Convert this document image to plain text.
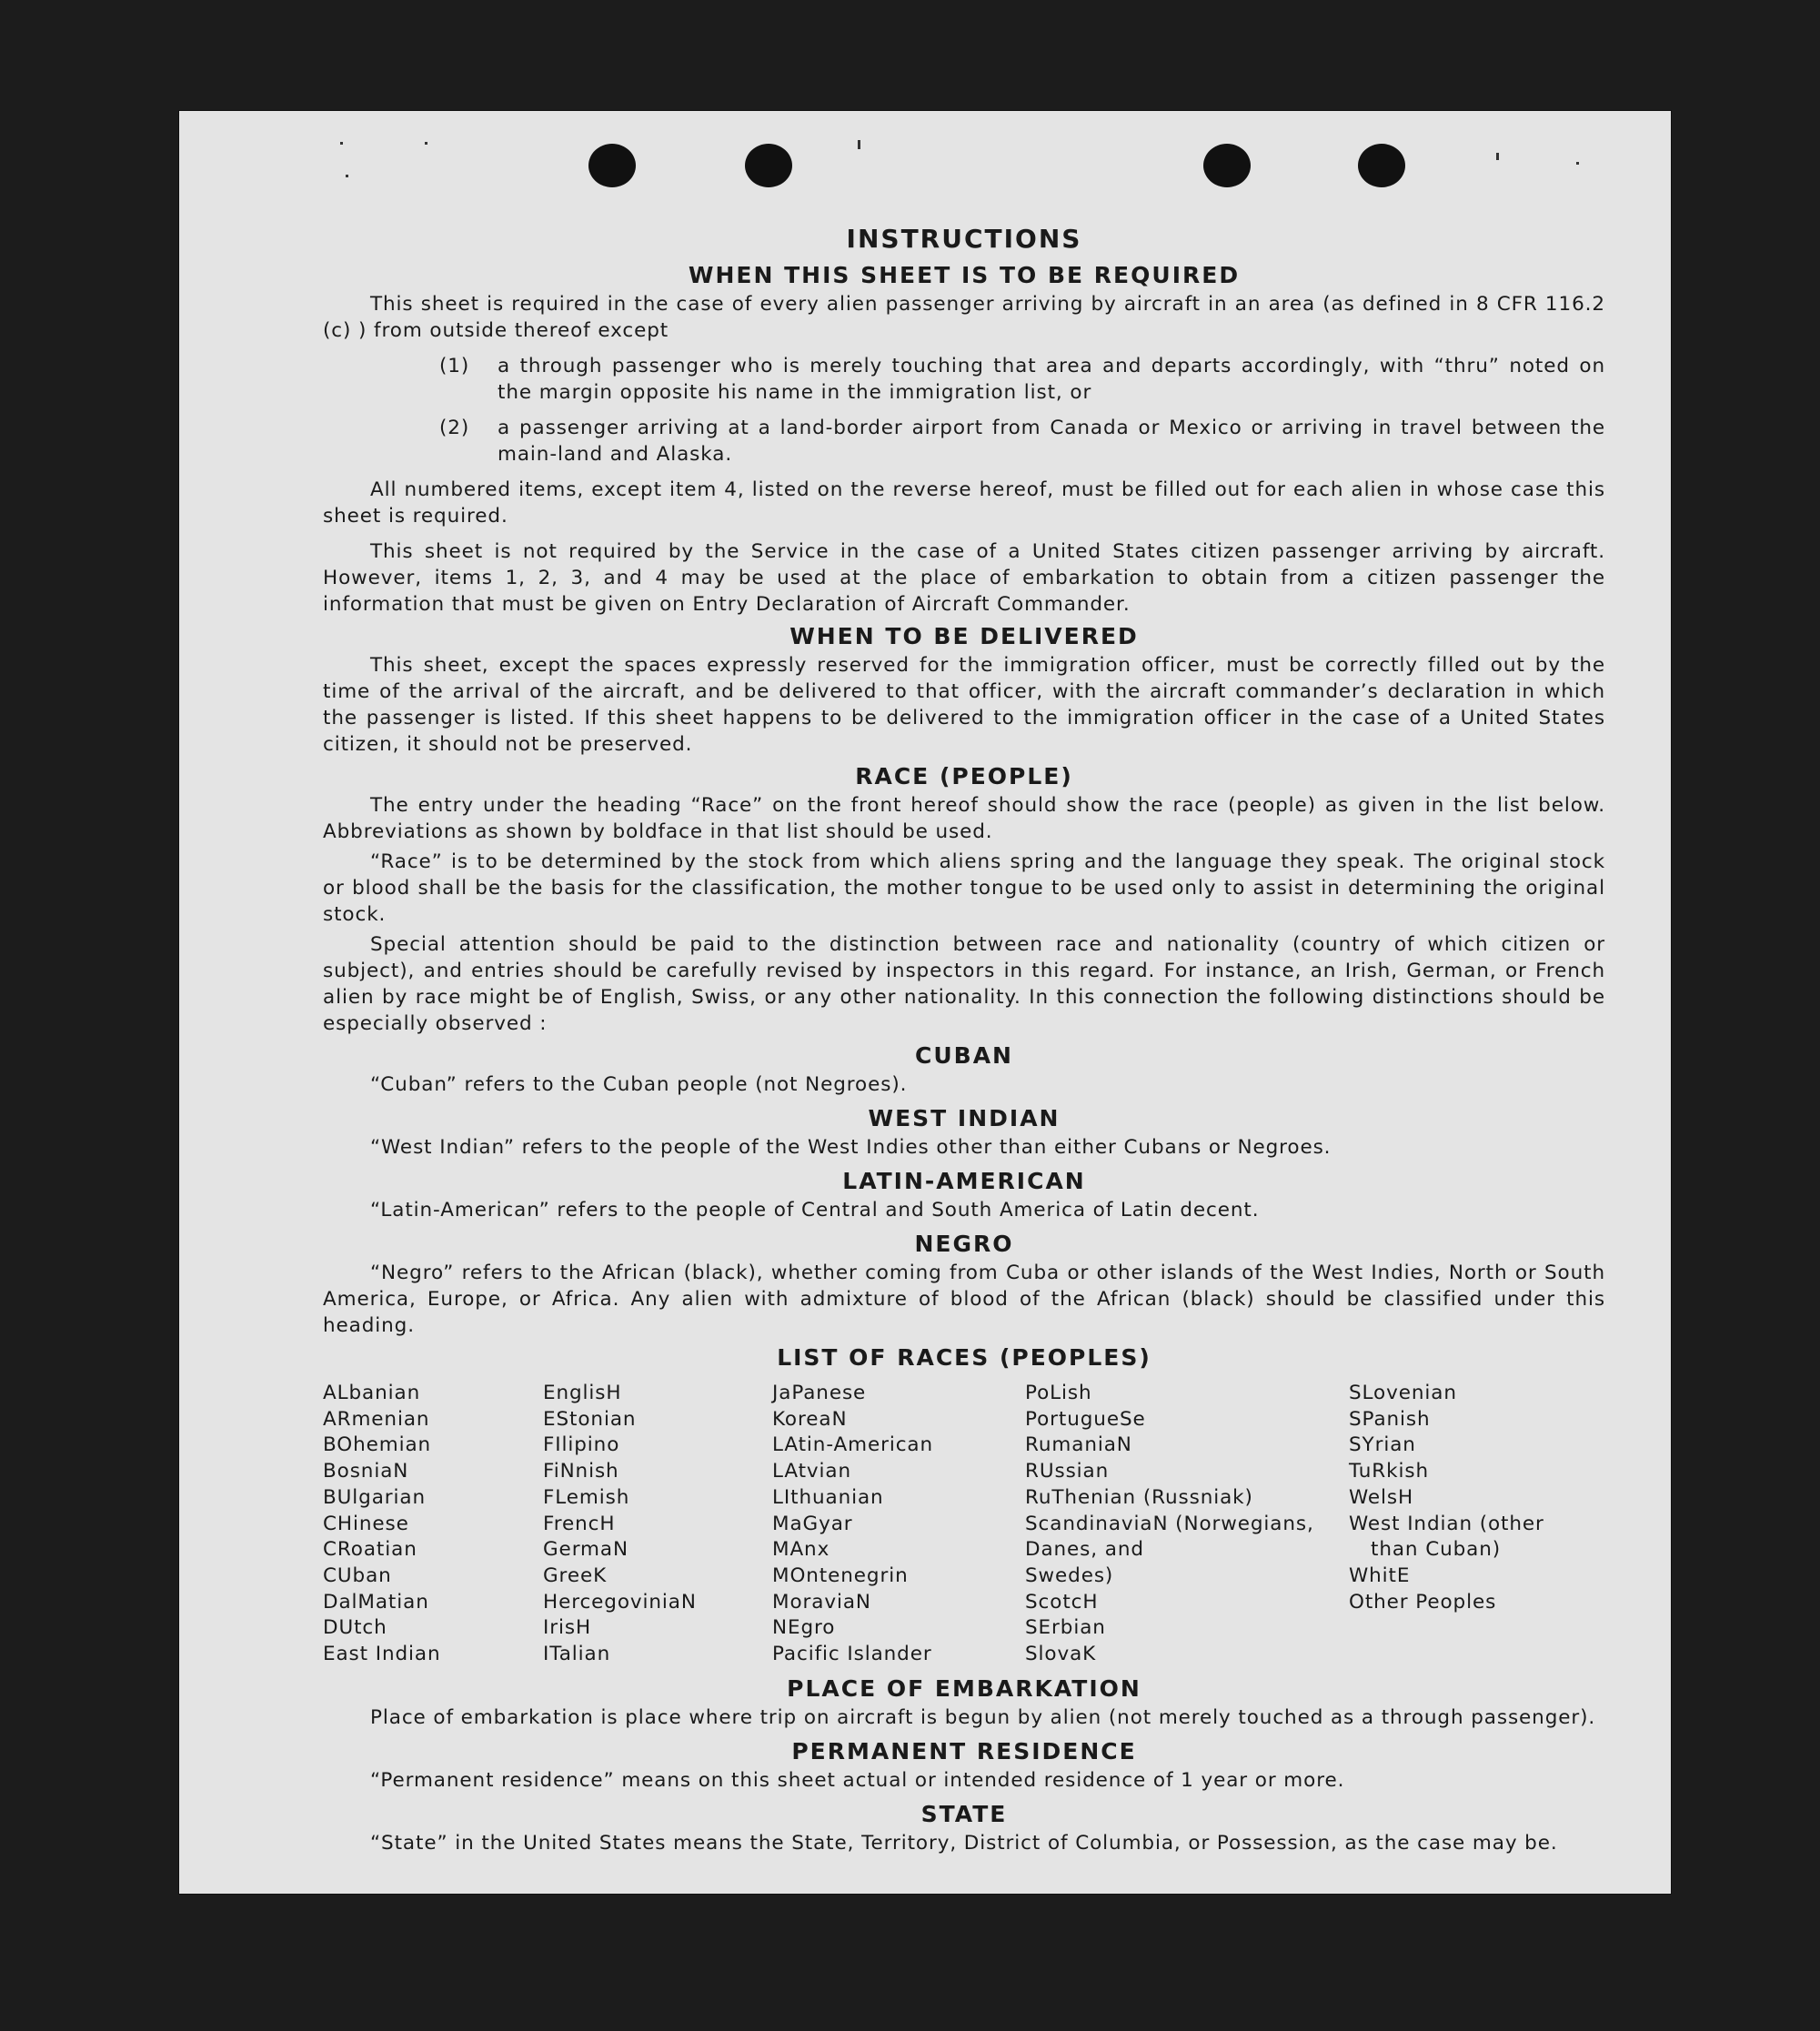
INSTRUCTIONS

WHEN THIS SHEET IS TO BE REQUIRED

This sheet is required in the case of every alien passenger arriving by aircraft in an area (as defined in 8 CFR 116.2 (c) ) from outside thereof except

(1)	a through passenger who is merely touching that area and departs accordingly, with “thru” noted on the margin opposite his name in the immigration list, or
(2)	a passenger arriving at a land-border airport from Canada or Mexico or arriving in travel between the main-land and Alaska.

All numbered items, except item 4, listed on the reverse hereof, must be filled out for each alien in whose case this sheet is required.

This sheet is not required by the Service in the case of a United States citizen passenger arriving by aircraft. However, items 1, 2, 3, and 4 may be used at the place of embarkation to obtain from a citizen passenger the information that must be given on Entry Declaration of Aircraft Commander.

WHEN TO BE DELIVERED

This sheet, except the spaces expressly reserved for the immigration officer, must be correctly filled out by the time of the arrival of the aircraft, and be delivered to that officer, with the aircraft commander’s declaration in which the passenger is listed. If this sheet happens to be delivered to the immigration officer in the case of a United States citizen, it should not be preserved.

RACE (PEOPLE)

The entry under the heading “Race” on the front hereof should show the race (people) as given in the list below. Abbreviations as shown by boldface in that list should be used.

“Race” is to be determined by the stock from which aliens spring and the language they speak. The original stock or blood shall be the basis for the classification, the mother tongue to be used only to assist in determining the original stock.

Special attention should be paid to the distinction between race and nationality (country of which citizen or subject), and entries should be carefully revised by inspectors in this regard. For instance, an Irish, German, or French alien by race might be of English, Swiss, or any other nationality. In this connection the following distinctions should be especially observed :

CUBAN

“Cuban” refers to the Cuban people (not Negroes).

WEST INDIAN

“West Indian” refers to the people of the West Indies other than either Cubans or Negroes.

LATIN-AMERICAN

“Latin-American” refers to the people of Central and South America of Latin decent.

NEGRO

“Negro” refers to the African (black), whether coming from Cuba or other islands of the West Indies, North or South America, Europe, or Africa. Any alien with admixture of blood of the African (black) should be classified under this heading.

LIST OF RACES (PEOPLES)

ALbanian
ARmenian
BOhemian
BosniaN
BUlgarian
CHinese
CRoatian
CUban
DalMatian
DUtch
East Indian
EnglisH
EStonian
FIlipino
FiNnish
FLemish
FrencH
GermaN
GreeK
HercegoviniaN
IrisH
ITalian
JaPanese
KoreaN
LAtin-American
LAtvian
LIthuanian
MaGyar
MAnx
MOntenegrin
MoraviaN
NEgro
Pacific Islander
PoLish
PortugueSe
RumaniaN
RUssian
RuThenian (Russniak)
ScandinaviaN (Norwegians,
Danes, and
Swedes)
ScotcH
SErbian
SlovaK
SLovenian
SPanish
SYrian
TuRkish
WelsH
West Indian (other
than Cuban)
WhitE
Other Peoples

PLACE OF EMBARKATION

Place of embarkation is place where trip on aircraft is begun by alien (not merely touched as a through passenger).

PERMANENT RESIDENCE

“Permanent residence” means on this sheet actual or intended residence of 1 year or more.

STATE

“State” in the United States means the State, Territory, District of Columbia, or Possession, as the case may be.
